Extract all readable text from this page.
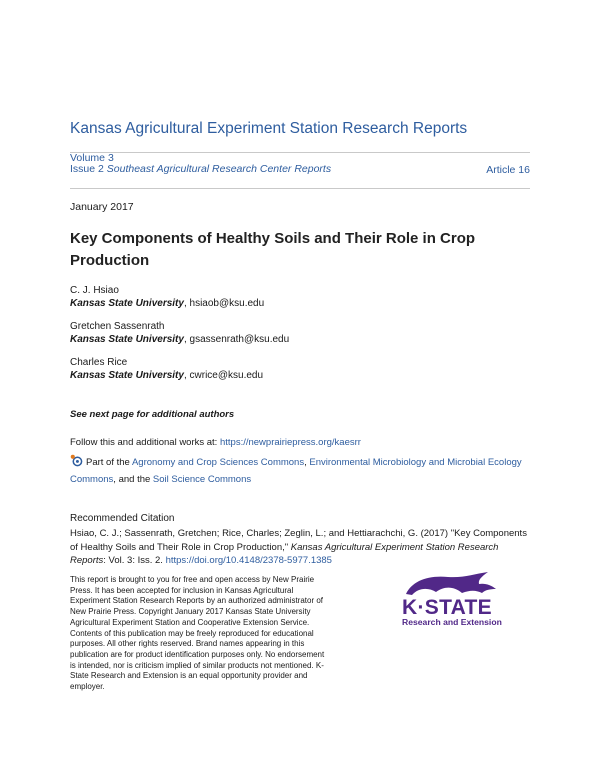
Kansas Agricultural Experiment Station Research Reports
Volume 3
Issue 2 Southeast Agricultural Research Center Reports	Article 16
January 2017
Key Components of Healthy Soils and Their Role in Crop Production
C. J. Hsiao
Kansas State University, hsiaob@ksu.edu
Gretchen Sassenrath
Kansas State University, gsassenrath@ksu.edu
Charles Rice
Kansas State University, cwrice@ksu.edu
See next page for additional authors
Follow this and additional works at: https://newprairiepress.org/kaesrr
Part of the Agronomy and Crop Sciences Commons, Environmental Microbiology and Microbial Ecology Commons, and the Soil Science Commons
Recommended Citation
Hsiao, C. J.; Sassenrath, Gretchen; Rice, Charles; Zeglin, L.; and Hettiarachchi, G. (2017) "Key Components of Healthy Soils and Their Role in Crop Production," Kansas Agricultural Experiment Station Research Reports: Vol. 3: Iss. 2. https://doi.org/10.4148/2378-5977.1385
This report is brought to you for free and open access by New Prairie Press. It has been accepted for inclusion in Kansas Agricultural Experiment Station Research Reports by an authorized administrator of New Prairie Press. Copyright January 2017 Kansas State University Agricultural Experiment Station and Cooperative Extension Service. Contents of this publication may be freely reproduced for educational purposes. All other rights reserved. Brand names appearing in this publication are for product identification purposes only. No endorsement is intended, nor is criticism implied of similar products not mentioned. K-State Research and Extension is an equal opportunity provider and employer.
K·STATE
Research and Extension
